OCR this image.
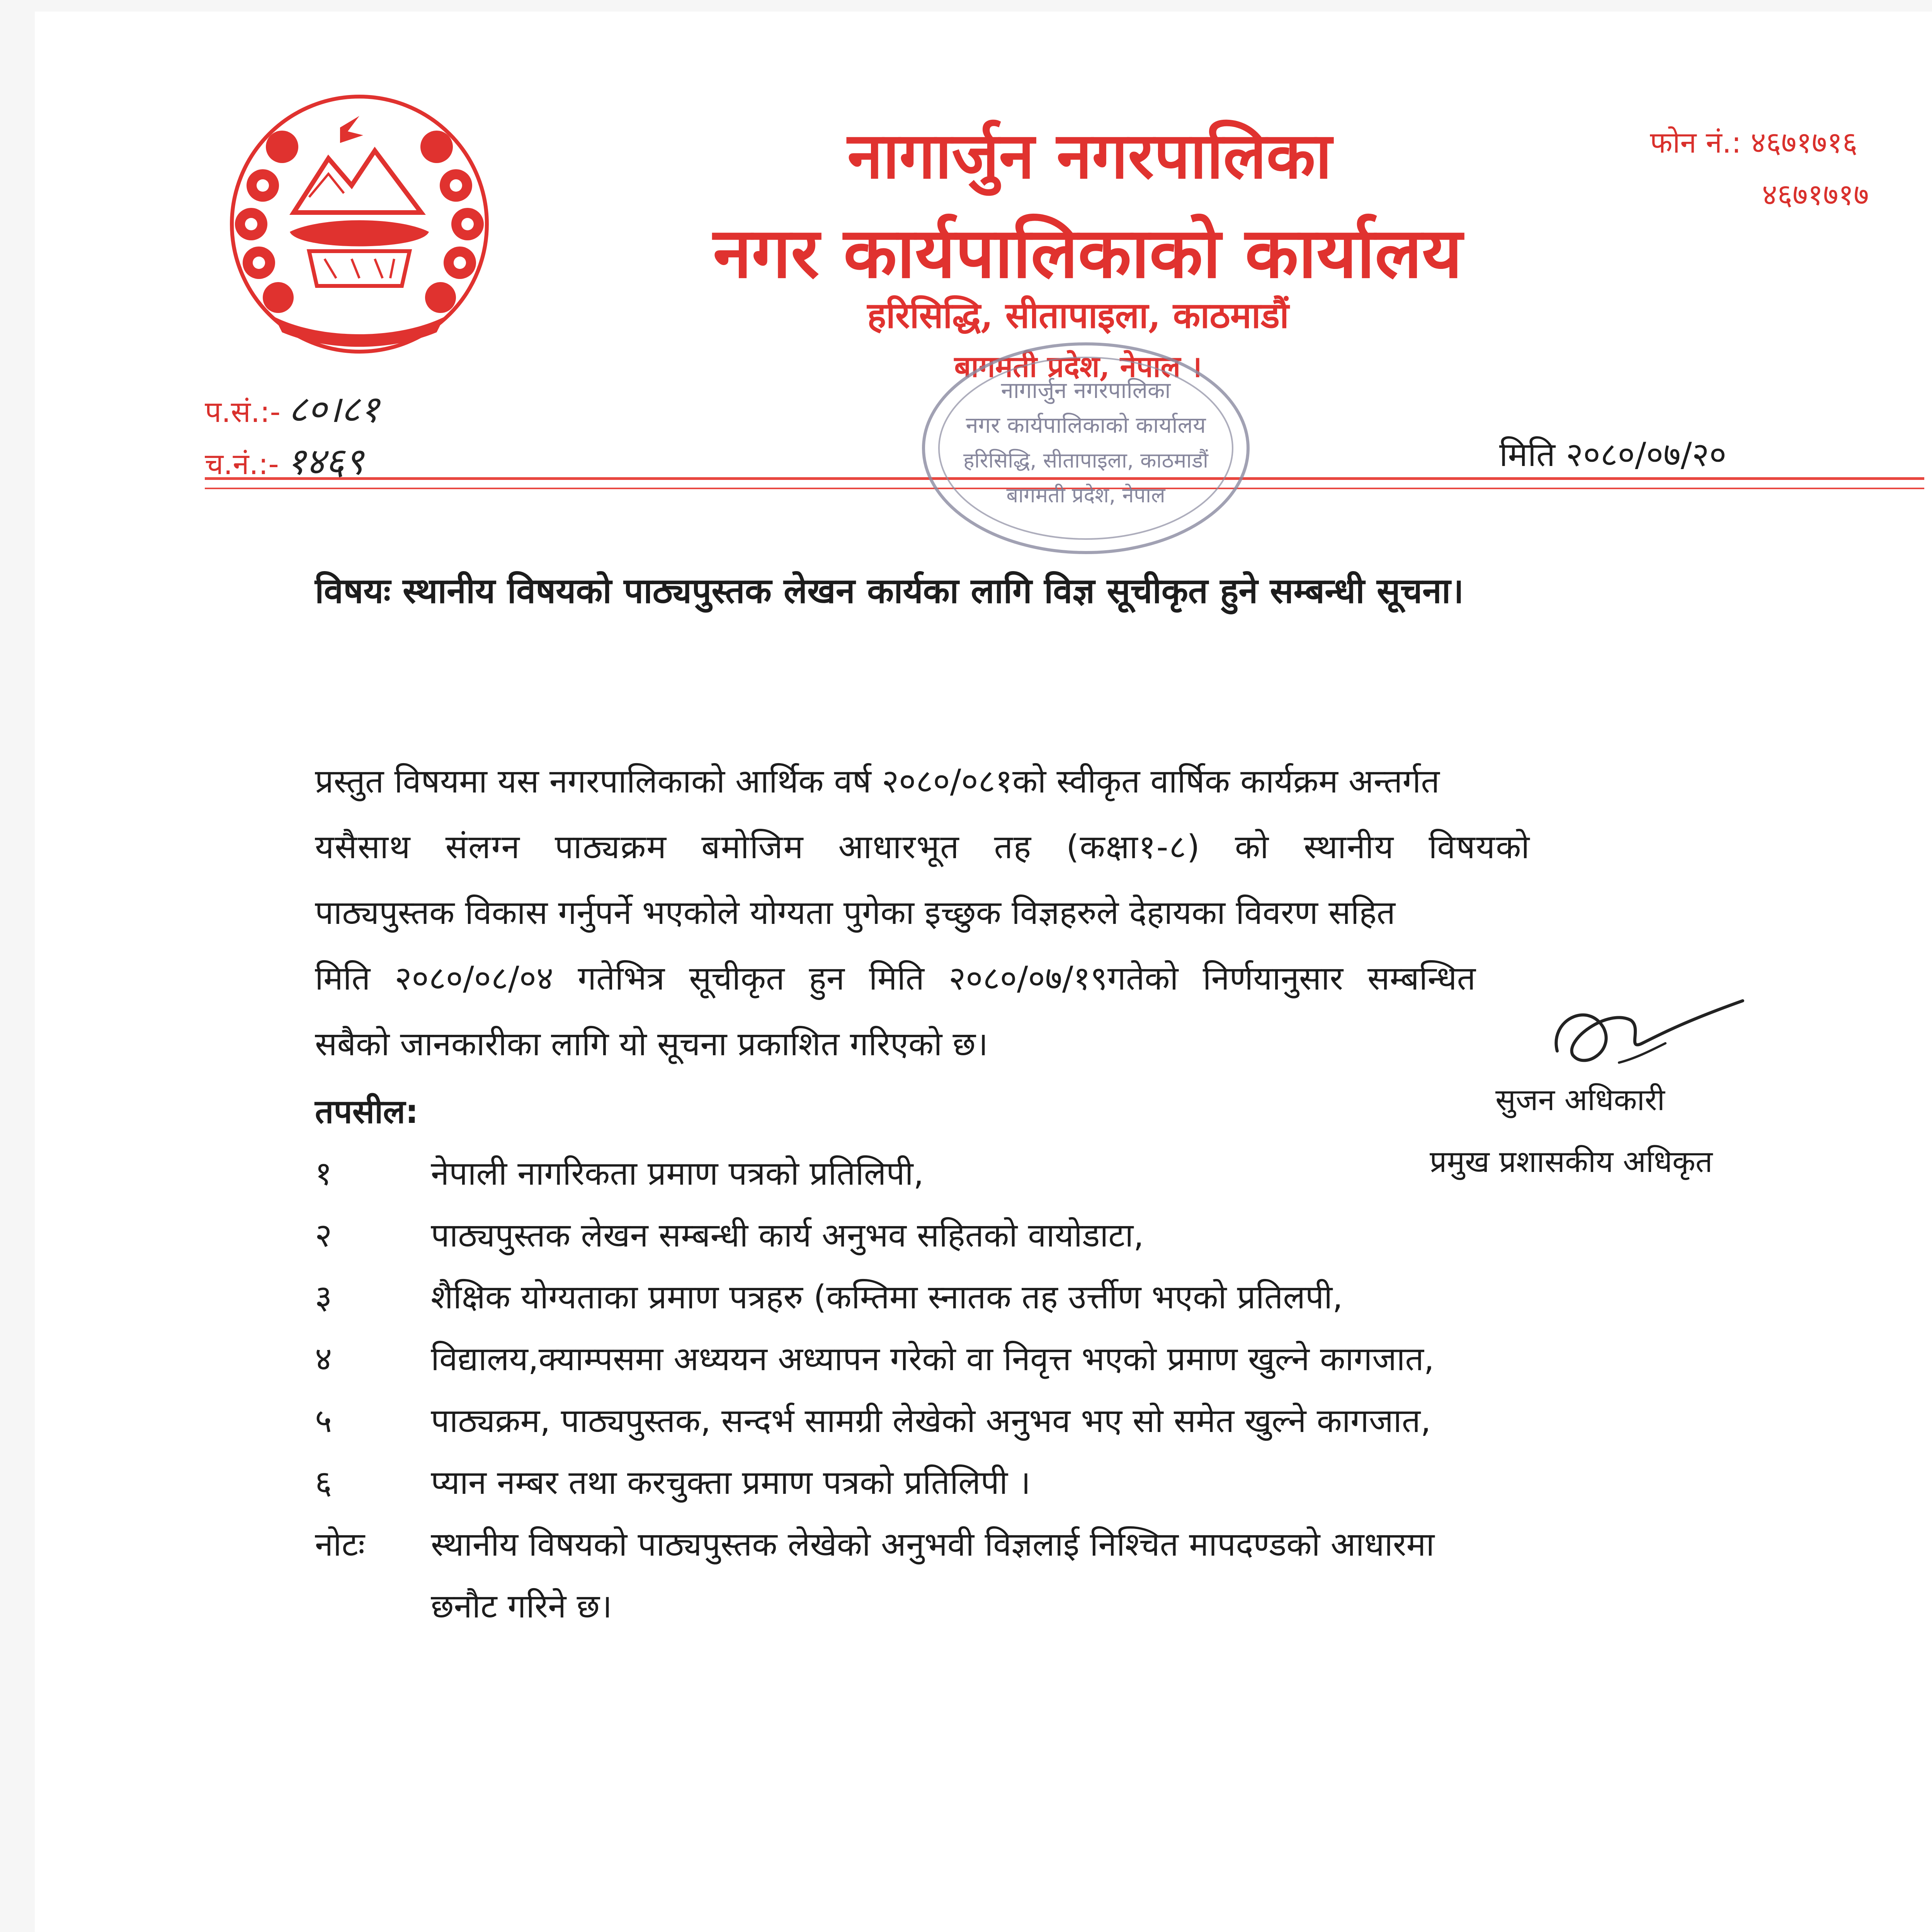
नागार्जुन नगरपालिका
नगर कार्यपालिकाको कार्यालय
हरिसिद्धि, सीतापाइला, काठमाडौं
बागमती प्रदेश, नेपाल ।
फोन नं.: ४६७१७१६
४६७१७१७
प.सं.:- ८०।८१
च.नं.:- १४६९	मिति २०८०/०७/२०
नागार्जुन नगरपालिका
नगर कार्यपालिकाको कार्यालय
हरिसिद्धि, सीतापाइला, काठमाडौं
बागमती प्रदेश, नेपाल
विषयः स्थानीय विषयको पाठ्यपुस्तक लेखन कार्यका लागि विज्ञ सूचीकृत हुने सम्बन्धी सूचना।
प्रस्तुत विषयमा यस नगरपालिकाको आर्थिक वर्ष २०८०/०८१को स्वीकृत वार्षिक कार्यक्रम अन्तर्गत
यसैसाथ संलग्न पाठ्यक्रम बमोजिम आधारभूत तह (कक्षा१-८) को स्थानीय विषयको
पाठ्यपुस्तक विकास गर्नुपर्ने भएकोले योग्यता पुगेका इच्छुक विज्ञहरुले देहायका विवरण सहित
मिति २०८०/०८/०४ गतेभित्र सूचीकृत हुन मिति २०८०/०७/१९गतेको निर्णयानुसार सम्बन्धित
सबैको जानकारीका लागि यो सूचना प्रकाशित गरिएको छ।
सुजन अधिकारी
प्रमुख प्रशासकीय अधिकृत
तपसील:
१	नेपाली नागरिकता प्रमाण पत्रको प्रतिलिपी,
२	पाठ्यपुस्तक लेखन सम्बन्धी कार्य अनुभव सहितको वायोडाटा,
३	शैक्षिक योग्यताका प्रमाण पत्रहरु (कम्तिमा स्नातक तह उर्त्तीण भएको प्रतिलपी,
४	विद्यालय,क्याम्पसमा अध्ययन अध्यापन गरेको वा निवृत्त भएको प्रमाण खुल्ने कागजात,
५	पाठ्यक्रम, पाठ्यपुस्तक, सन्दर्भ सामग्री लेखेको अनुभव भए सो समेत खुल्ने कागजात,
६	प्यान नम्बर तथा करचुक्ता प्रमाण पत्रको प्रतिलिपी ।
नोटः स्थानीय विषयको पाठ्यपुस्तक लेखेको अनुभवी विज्ञलाई निश्चित मापदण्डको आधारमा
छनौट गरिने छ।
